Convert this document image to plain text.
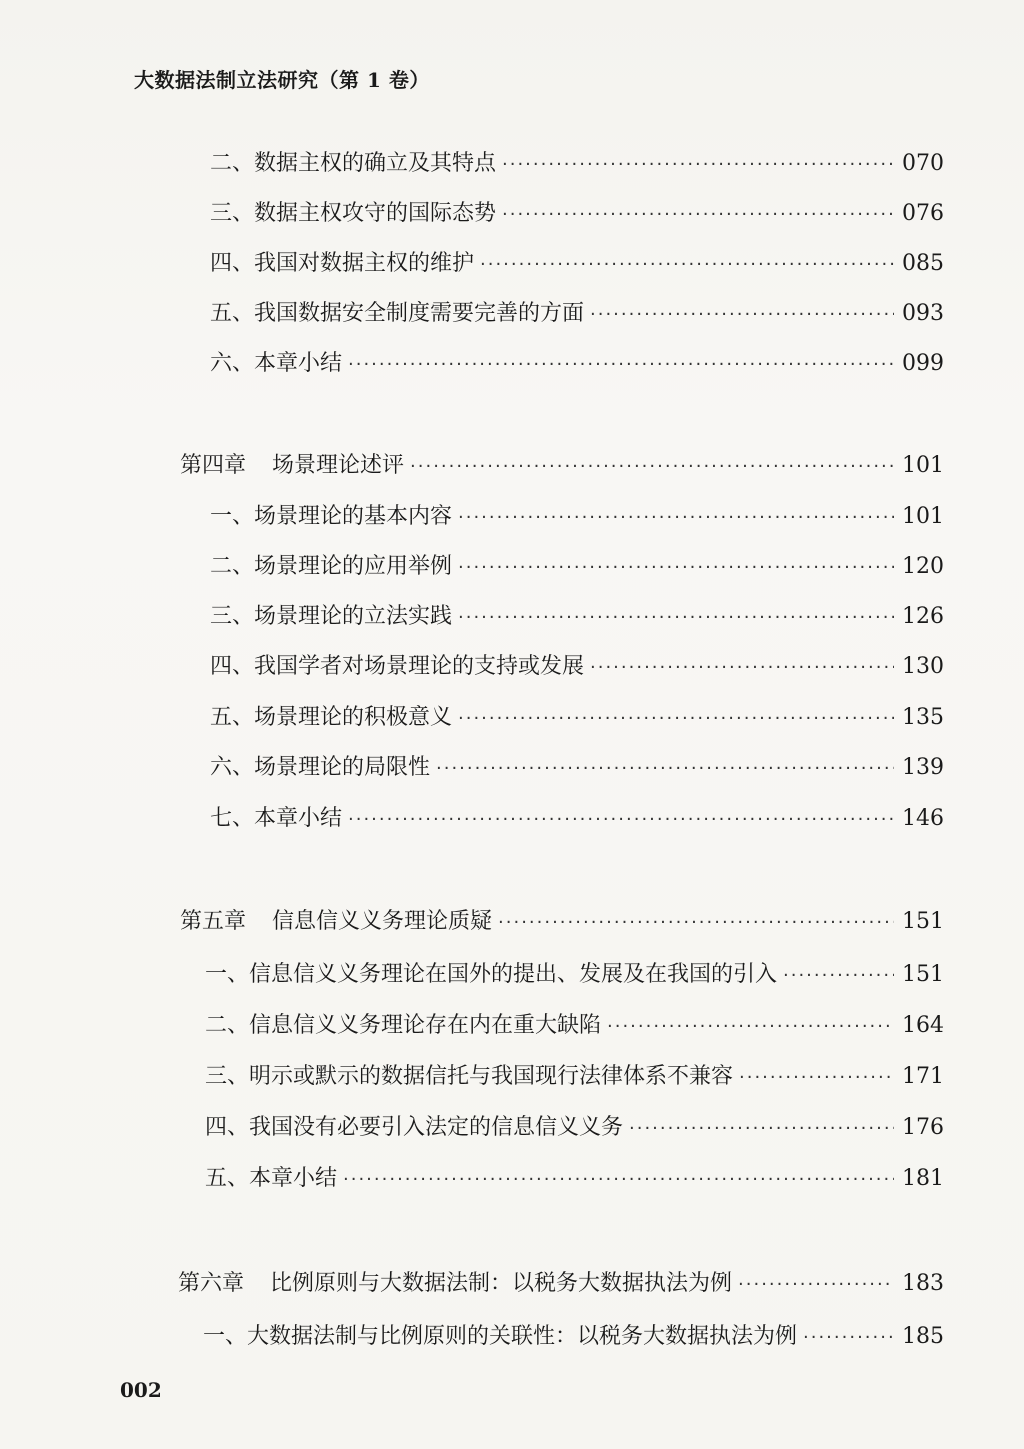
大数据法制立法研究（第 1 卷）
二、数据主权的确立及其特点 ·····	070
三、数据主权攻守的国际态势 ·····	076
四、我国对数据主权的维护 ·····	085
五、我国数据安全制度需要完善的方面 ·····	093
六、本章小结 ·····	099
第四章 场景理论述评 ·····	101
一、场景理论的基本内容 ·····	101
二、场景理论的应用举例 ·····	120
三、场景理论的立法实践 ·····	126
四、我国学者对场景理论的支持或发展 ·····	130
五、场景理论的积极意义 ·····	135
六、场景理论的局限性 ·····	139
七、本章小结 ·····	146
第五章 信息信义义务理论质疑 ·····	151
一、信息信义义务理论在国外的提出、发展及在我国的引入 ·····	151
二、信息信义义务理论存在内在重大缺陷 ·····	164
三、明示或默示的数据信托与我国现行法律体系不兼容 ·····	171
四、我国没有必要引入法定的信息信义义务 ·····	176
五、本章小结 ·····	181
第六章 比例原则与大数据法制：以税务大数据执法为例 ·····	183
一、大数据法制与比例原则的关联性：以税务大数据执法为例 ·····	185
002
